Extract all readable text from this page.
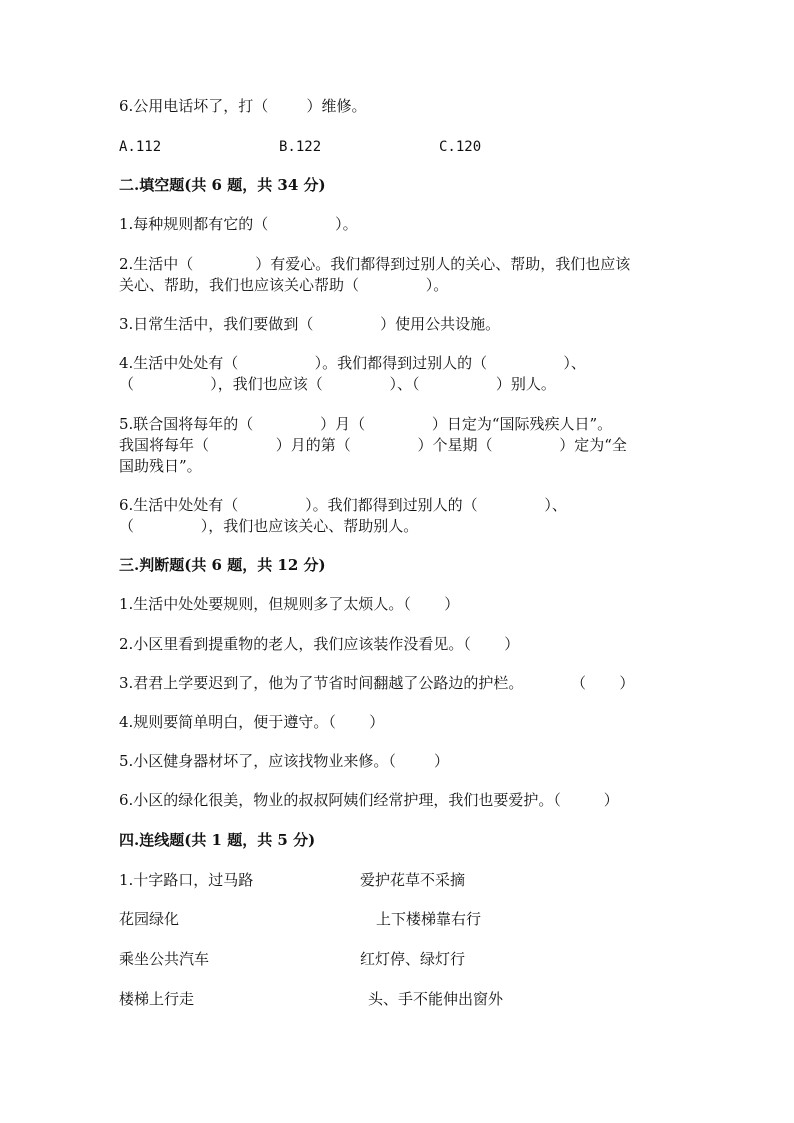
6.公用电话坏了，打（        ）维修。
A.112	B.122	C.120
二.填空题(共 6 题，共 34 分)
1.每种规则都有它的（              ）。
2.生活中（             ）有爱心。我们都得到过别人的关心、帮助，我们也应该
关心、帮助，我们也应该关心帮助（              ）。
3.日常生活中，我们要做到（              ）使用公共设施。
4.生活中处处有（                ）。我们都得到过别人的（                ）、
（                ），我们也应该（              ）、（                ）别人。
5.联合国将每年的（              ）月（              ）日定为“国际残疾人日”。
我国将每年（              ）月的第（              ）个星期（              ）定为“全
国助残日”。
6.生活中处处有（              ）。我们都得到过别人的（              ）、
（              ），我们也应该关心、帮助别人。
三.判断题(共 6 题，共 12 分)
1.生活中处处要规则，但规则多了太烦人。（       ）
2.小区里看到提重物的老人，我们应该装作没看见。（       ）
3.君君上学要迟到了，他为了节省时间翻越了公路边的护栏。          （       ）
4.规则要简单明白，便于遵守。（       ）
5.小区健身器材坏了，应该找物业来修。（        ）
6.小区的绿化很美，物业的叔叔阿姨们经常护理，我们也要爱护。（         ）
四.连线题(共 1 题，共 5 分)
1.十字路口，过马路	爱护花草不采摘
花园绿化	上下楼梯靠右行
乘坐公共汽车	红灯停、绿灯行
楼梯上行走	头、手不能伸出窗外
